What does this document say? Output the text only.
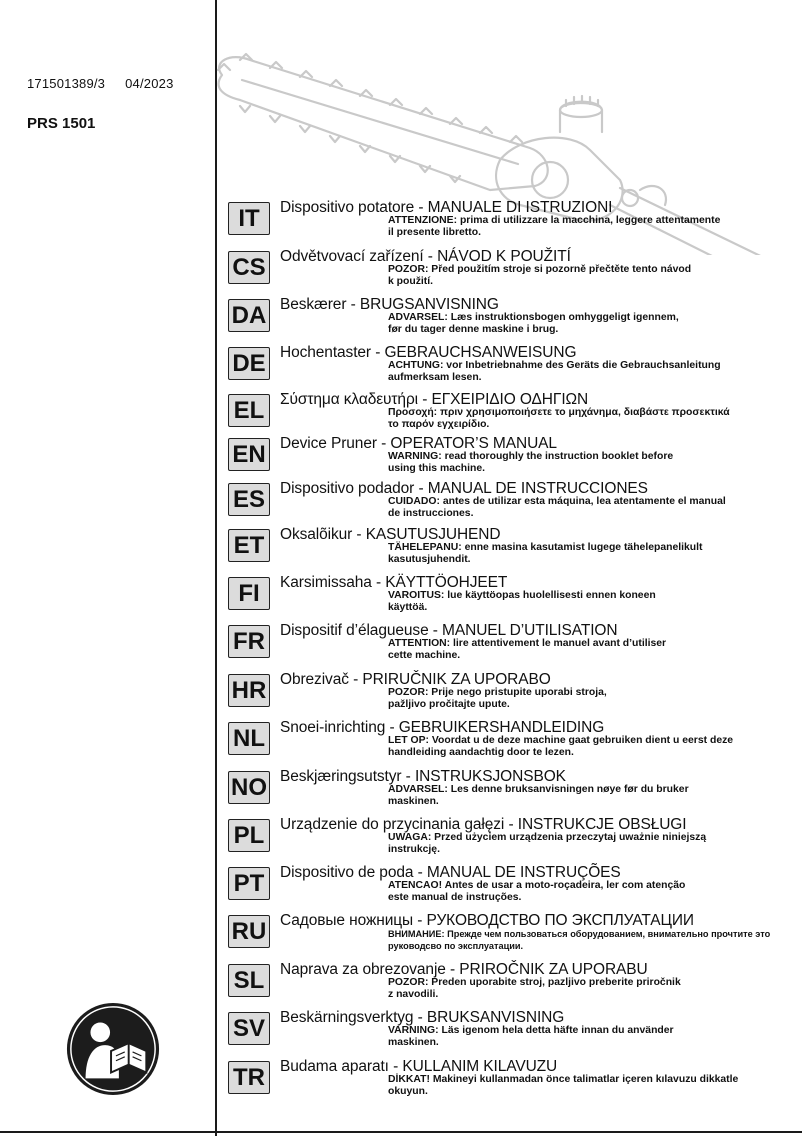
171501389/3 04/2023
PRS 1501
IT	Dispositivo potatore - MANUALE DI ISTRUZIONI
ATTENZIONE: prima di utilizzare la macchina, leggere attentamente
il presente libretto.
CS Odvětvovací zařízení - NÁVOD K POUŽITÍ
POZOR: Před použitím stroje si pozorně přečtěte tento návod
k použití.
DA Beskærer - BRUGSANVISNING
ADVARSEL: Læs instruktionsbogen omhyggeligt igennem,
før du tager denne maskine i brug.
DE Hochentaster - GEBRAUCHSANWEISUNG
ACHTUNG: vor Inbetriebnahme des Geräts die Gebrauchsanleitung
aufmerksam lesen.
EL	Σύστημα κλαδευτήρι - ΕΓΧΕΙΡΙΔΙΟ ΟΔΗΓΙΩΝ
Προσοχή: πριν χρησιμοποιήσετε το μηχάνημα, διαβάστε προσεκτικά
το παρόν εγχειρίδιο.
EN Device Pruner - OPERATOR’S MANUAL
WARNING: read thoroughly the instruction booklet before
using this machine.
ES Dispositivo podador - MANUAL DE INSTRUCCIONES
CUIDADO: antes de utilizar esta máquina, lea atentamente el manual
de instrucciones.
ET	Oksalõikur - KASUTUSJUHEND
TÄHELEPANU: enne masina kasutamist lugege tähelepanelikult
kasutusjuhendit.
FI	Karsimissaha - KÄYTTÖOHJEET
VAROITUS: lue käyttöopas huolellisesti ennen koneen
käyttöä.
FR Dispositif d’élagueuse - MANUEL D’UTILISATION
ATTENTION: lire attentivement le manuel avant d’utiliser
cette machine.
HR Obrezivač - PRIRUČNIK ZA UPORABO
POZOR: Prije nego pristupite uporabi stroja,
pažljivo pročitajte upute.
NL Snoei-inrichting - GEBRUIKERSHANDLEIDING
LET OP: Voordat u de deze machine gaat gebruiken dient u eerst deze
handleiding aandachtig door te lezen.
NO Beskjæringsutstyr - INSTRUKSJONSBOK
ADVARSEL: Les denne bruksanvisningen nøye før du bruker
maskinen.
PL	Urządzenie do przycinania gałęzi - INSTRUKCJE OBSŁUGI
UWAGA: Przed użyciem urządzenia przeczytaj uważnie niniejszą
instrukcję.
PT	Dispositivo de poda - MANUAL DE INSTRUÇÕES
ATENCAO! Antes de usar a moto-roçadeira, ler com atenção
este manual de instruções.
RU Садовые ножницы - РУКОВОДСТВО ПО ЭКСПЛУАТАЦИИ
ВНИМАНИЕ: Прежде чем пользоваться оборудованием, внимательно прочтите это
руководсво по эксплуатации.
SL	Naprava za obrezovanje - PRIROČNIK ZA UPORABU
POZOR: Preden uporabite stroj, pazljivo preberite priročnik
z navodili.
SV Beskärningsverktyg - BRUKSANVISNING
VARNING: Läs igenom hela detta häfte innan du använder
maskinen.
TR Budama aparatı - KULLANIM KILAVUZU
DİKKAT! Makineyi kullanmadan önce talimatlar içeren kılavuzu dikkatle
okuyun.
